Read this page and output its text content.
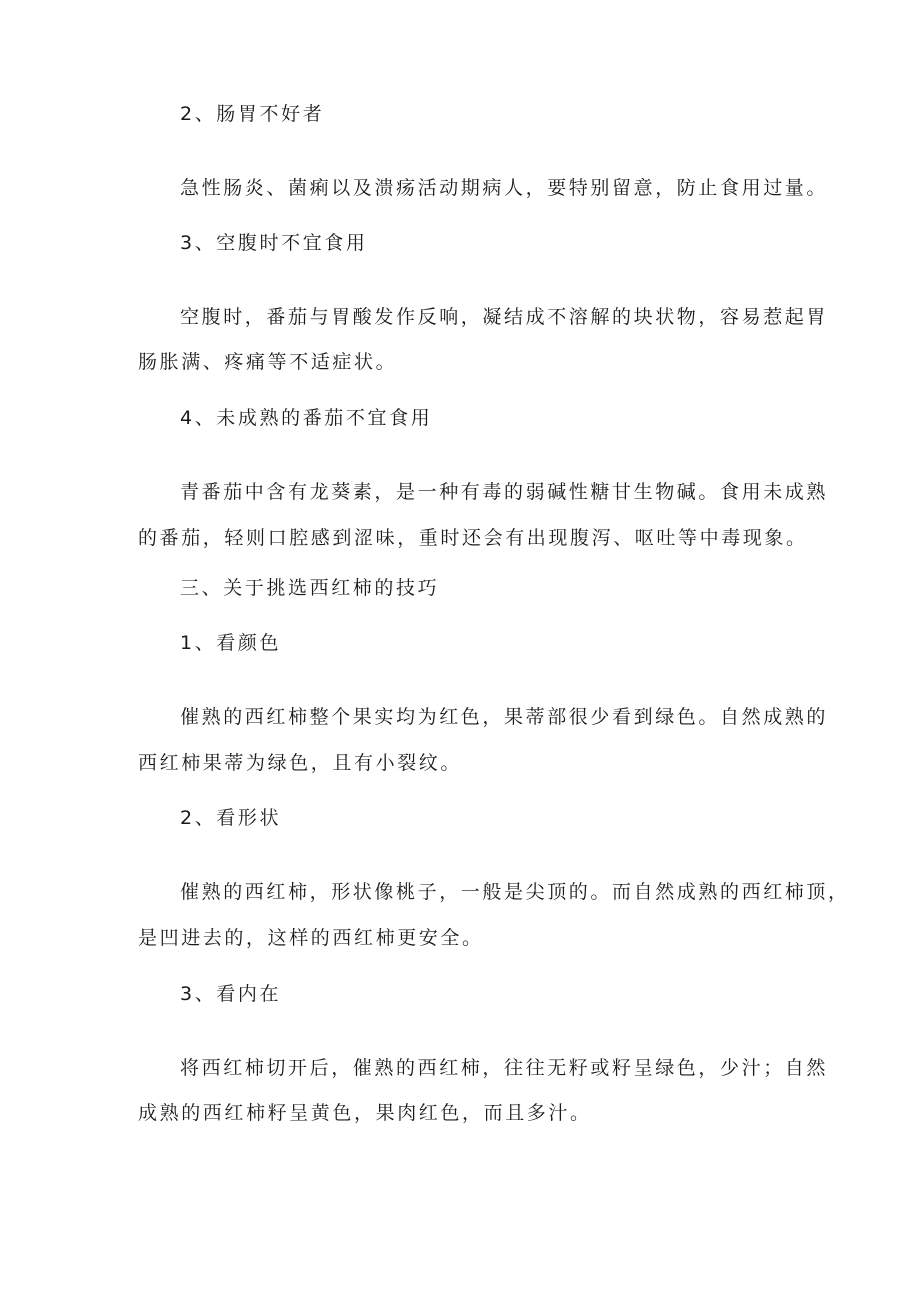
2、肠胃不好者
急性肠炎、菌痢以及溃疡活动期病人，要特别留意，防止食用过量。
3、空腹时不宜食用
空腹时，番茄与胃酸发作反响，凝结成不溶解的块状物，容易惹起胃
肠胀满、疼痛等不适症状。
4、未成熟的番茄不宜食用
青番茄中含有龙葵素，是一种有毒的弱碱性糖甘生物碱。食用未成熟
的番茄，轻则口腔感到涩味，重时还会有出现腹泻、呕吐等中毒现象。
三、关于挑选西红柿的技巧
1、看颜色
催熟的西红柿整个果实均为红色，果蒂部很少看到绿色。自然成熟的
西红柿果蒂为绿色，且有小裂纹。
2、看形状
催熟的西红柿，形状像桃子，一般是尖顶的。而自然成熟的西红柿顶，
是凹进去的，这样的西红柿更安全。
3、看内在
将西红柿切开后，催熟的西红柿，往往无籽或籽呈绿色，少汁；自然
成熟的西红柿籽呈黄色，果肉红色，而且多汁。
